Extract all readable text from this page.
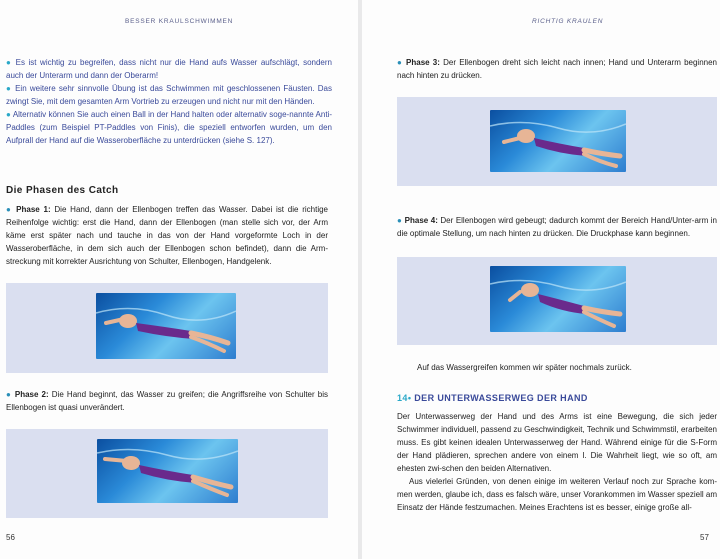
BESSER KRAULSCHWIMMEN
● Es ist wichtig zu begreifen, dass nicht nur die Hand aufs Wasser aufschlägt, sondern auch der Unterarm und dann der Oberarm!
● Ein weitere sehr sinnvolle Übung ist das Schwimmen mit geschlossenen Fäusten. Das zwingt Sie, mit dem gesamten Arm Vortrieb zu erzeugen und nicht nur mit den Händen.
● Alternativ können Sie auch einen Ball in der Hand halten oder alternativ soge-nannte Anti-Paddles (zum Beispiel PT-Paddles von Finis), die speziell entworfen wurden, um den Aufprall der Hand auf die Wasseroberfläche zu unterdrücken (siehe S. 127).
Die Phasen des Catch
● Phase 1: Die Hand, dann der Ellenbogen treffen das Wasser. Dabei ist die richtige Reihenfolge wichtig: erst die Hand, dann der Ellenbogen (man stelle sich vor, der Arm käme erst später nach und tauche in das von der Hand vorgeformte Loch in der Wasseroberfläche, in dem sich auch der Ellenbogen schon befindet), dann die Arm-streckung mit korrekter Ausrichtung von Schulter, Ellenbogen, Handgelenk.
● Phase 2: Die Hand beginnt, das Wasser zu greifen; die Angriffsreihe von Schulter bis Ellenbogen ist quasi unverändert.
56
RICHTIG KRAULEN
● Phase 3: Der Ellenbogen dreht sich leicht nach innen; Hand und Unterarm beginnen nach hinten zu drücken.
● Phase 4: Der Ellenbogen wird gebeugt; dadurch kommt der Bereich Hand/Unter-arm in die optimale Stellung, um nach hinten zu drücken. Die Druckphase kann beginnen.
Auf das Wassergreifen kommen wir später nochmals zurück.
14• DER UNTERWASSERWEG DER HAND
Der Unterwasserweg der Hand und des Arms ist eine Bewegung, die sich jeder Schwimmer individuell, passend zu Geschwindigkeit, Technik und Schwimmstil, erarbeiten muss. Es gibt keinen idealen Unterwasserweg der Hand. Während einige für die S-Form der Hand plädieren, sprechen andere von einem I. Die Wahrheit liegt, wie so oft, am ehesten zwi-schen den beiden Alternativen.
Aus vielerlei Gründen, von denen einige im weiteren Verlauf noch zur Sprache kom-men werden, glaube ich, dass es falsch wäre, unser Vorankommen im Wasser speziell am Einsatz der Hände festzumachen. Meines Erachtens ist es besser, einige große all-
57
